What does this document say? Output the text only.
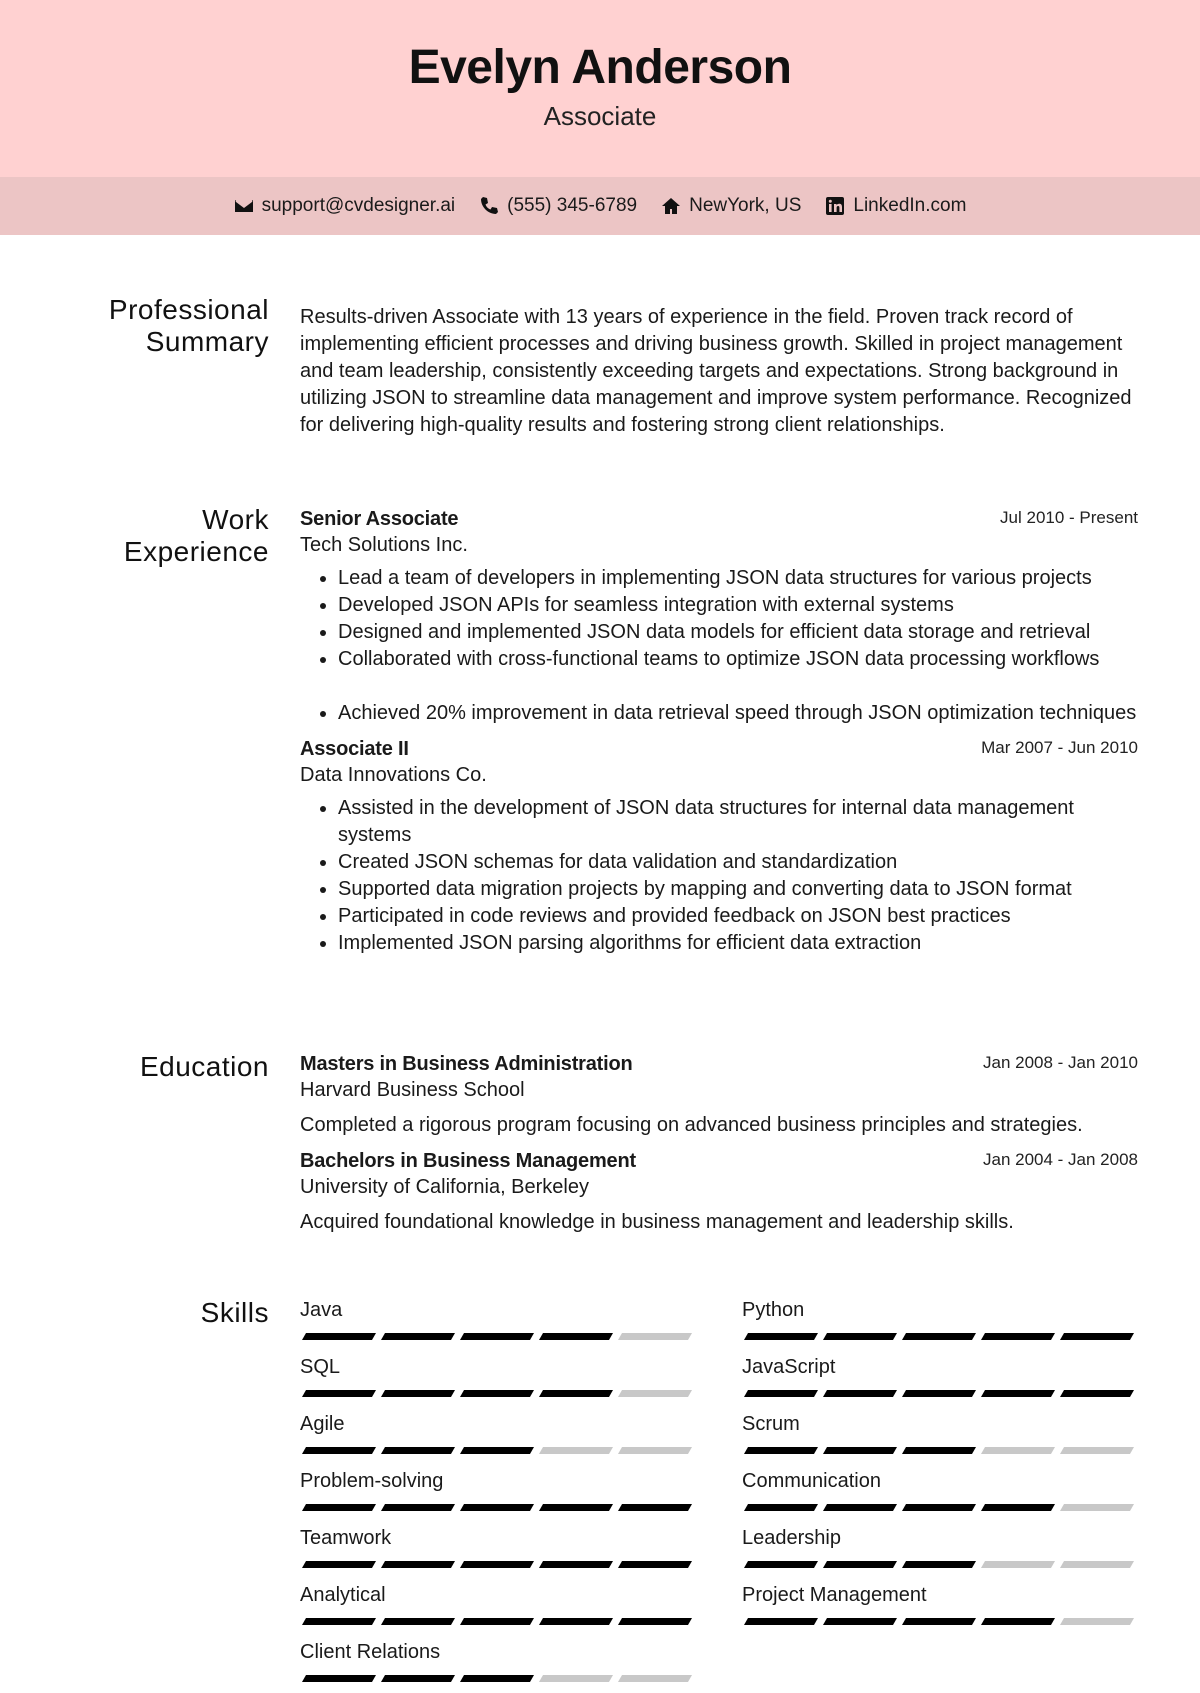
Evelyn Anderson
Associate
support@cvdesigner.ai	(555) 345-6789	NewYork, US	LinkedIn.com
Professional
Summary
Results-driven Associate with 13 years of experience in the field. Proven track record of implementing efficient processes and driving business growth. Skilled in project management and team leadership, consistently exceeding targets and expectations. Strong background in utilizing JSON to streamline data management and improve system performance. Recognized for delivering high-quality results and fostering strong client relationships.
Work
Experience
Senior Associate	Jul 2010 - Present
Tech Solutions Inc.
• Lead a team of developers in implementing JSON data structures for various projects
• Developed JSON APIs for seamless integration with external systems
• Designed and implemented JSON data models for efficient data storage and retrieval
• Collaborated with cross-functional teams to optimize JSON data processing workflows
• Achieved 20% improvement in data retrieval speed through JSON optimization techniques
Associate II	Mar 2007 - Jun 2010
Data Innovations Co.
• Assisted in the development of JSON data structures for internal data management systems
• Created JSON schemas for data validation and standardization
• Supported data migration projects by mapping and converting data to JSON format
• Participated in code reviews and provided feedback on JSON best practices
• Implemented JSON parsing algorithms for efficient data extraction
Education Masters in Business Administration	Jan 2008 - Jan 2010
Harvard Business School
Completed a rigorous program focusing on advanced business principles and strategies.
Bachelors in Business Management	Jan 2004 - Jan 2008
University of California, Berkeley
Acquired foundational knowledge in business management and leadership skills.
Skills Java	Python
SQL	JavaScript
Agile	Scrum
Problem-solving	Communication
Teamwork	Leadership
Analytical	Project Management
Client Relations
